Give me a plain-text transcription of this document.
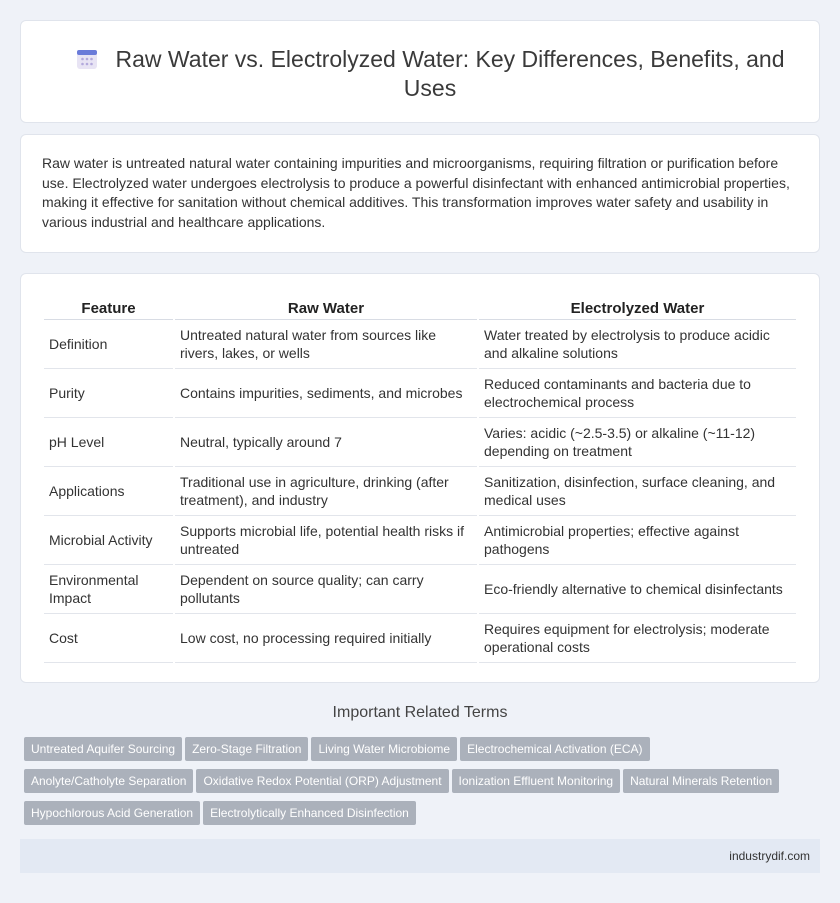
Raw Water vs. Electrolyzed Water: Key Differences, Benefits, and Uses

Raw water is untreated natural water containing impurities and microorganisms, requiring filtration or purification before use. Electrolyzed water undergoes electrolysis to produce a powerful disinfectant with enhanced antimicrobial properties, making it effective for sanitation without chemical additives. This transformation improves water safety and usability in various industrial and healthcare applications.

Feature	Raw Water	Electrolyzed Water
Definition	Untreated natural water from sources like rivers, lakes, or wells	Water treated by electrolysis to produce acidic and alkaline solutions
Purity	Contains impurities, sediments, and microbes	Reduced contaminants and bacteria due to electrochemical process
pH Level	Neutral, typically around 7	Varies: acidic (~2.5-3.5) or alkaline (~11-12) depending on treatment
Applications	Traditional use in agriculture, drinking (after treatment), and industry	Sanitization, disinfection, surface cleaning, and medical uses
Microbial Activity	Supports microbial life, potential health risks if untreated	Antimicrobial properties; effective against pathogens
Environmental Impact	Dependent on source quality; can carry pollutants	Eco-friendly alternative to chemical disinfectants
Cost	Low cost, no processing required initially	Requires equipment for electrolysis; moderate operational costs
Important Related Terms
Untreated Aquifer Sourcing Zero-Stage Filtration Living Water Microbiome Electrochemical Activation (ECA)
Anolyte/Catholyte Separation Oxidative Redox Potential (ORP) Adjustment Ionization Effluent Monitoring Natural Minerals Retention
Hypochlorous Acid Generation Electrolytically Enhanced Disinfection
industrydif.com
